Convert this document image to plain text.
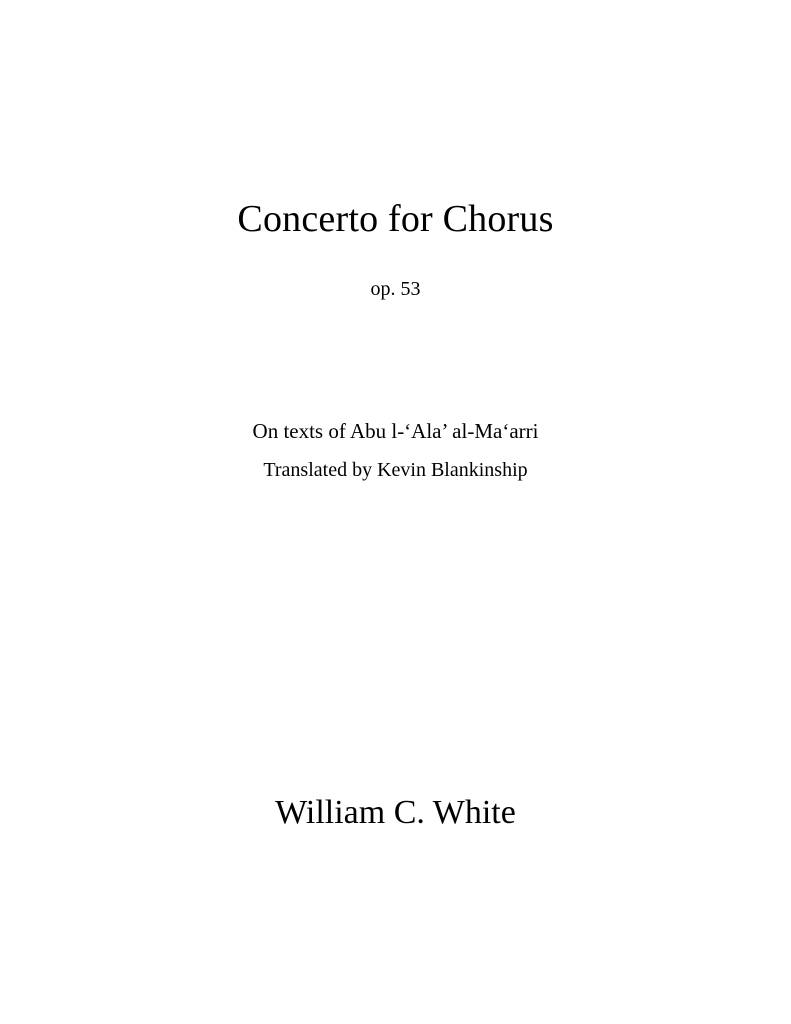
Concerto for Chorus
op. 53
On texts of Abu l-‘Ala’ al-Ma‘arri
Translated by Kevin Blankinship
William C. White
